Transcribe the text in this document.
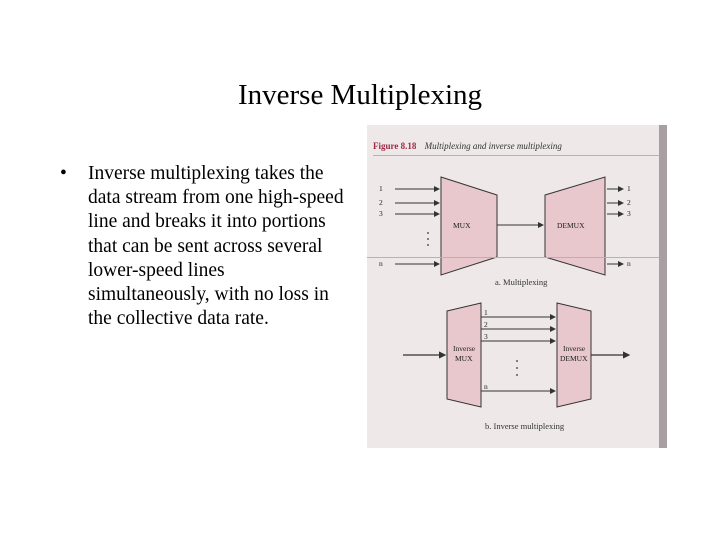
Inverse Multiplexing
• Inverse multiplexing takes the data stream from one high-speed line and breaks it into portions that can be sent across several lower-speed lines simultaneously, with no loss in the collective data rate.
Figure 8.18 Multiplexing and inverse multiplexing
MUX	DEMUX
1
2
3
n
1
2
3
n
Inverse
MUX
1
2
3
n
Inverse
DEMUX
a. Multiplexing
b. Inverse multiplexing
